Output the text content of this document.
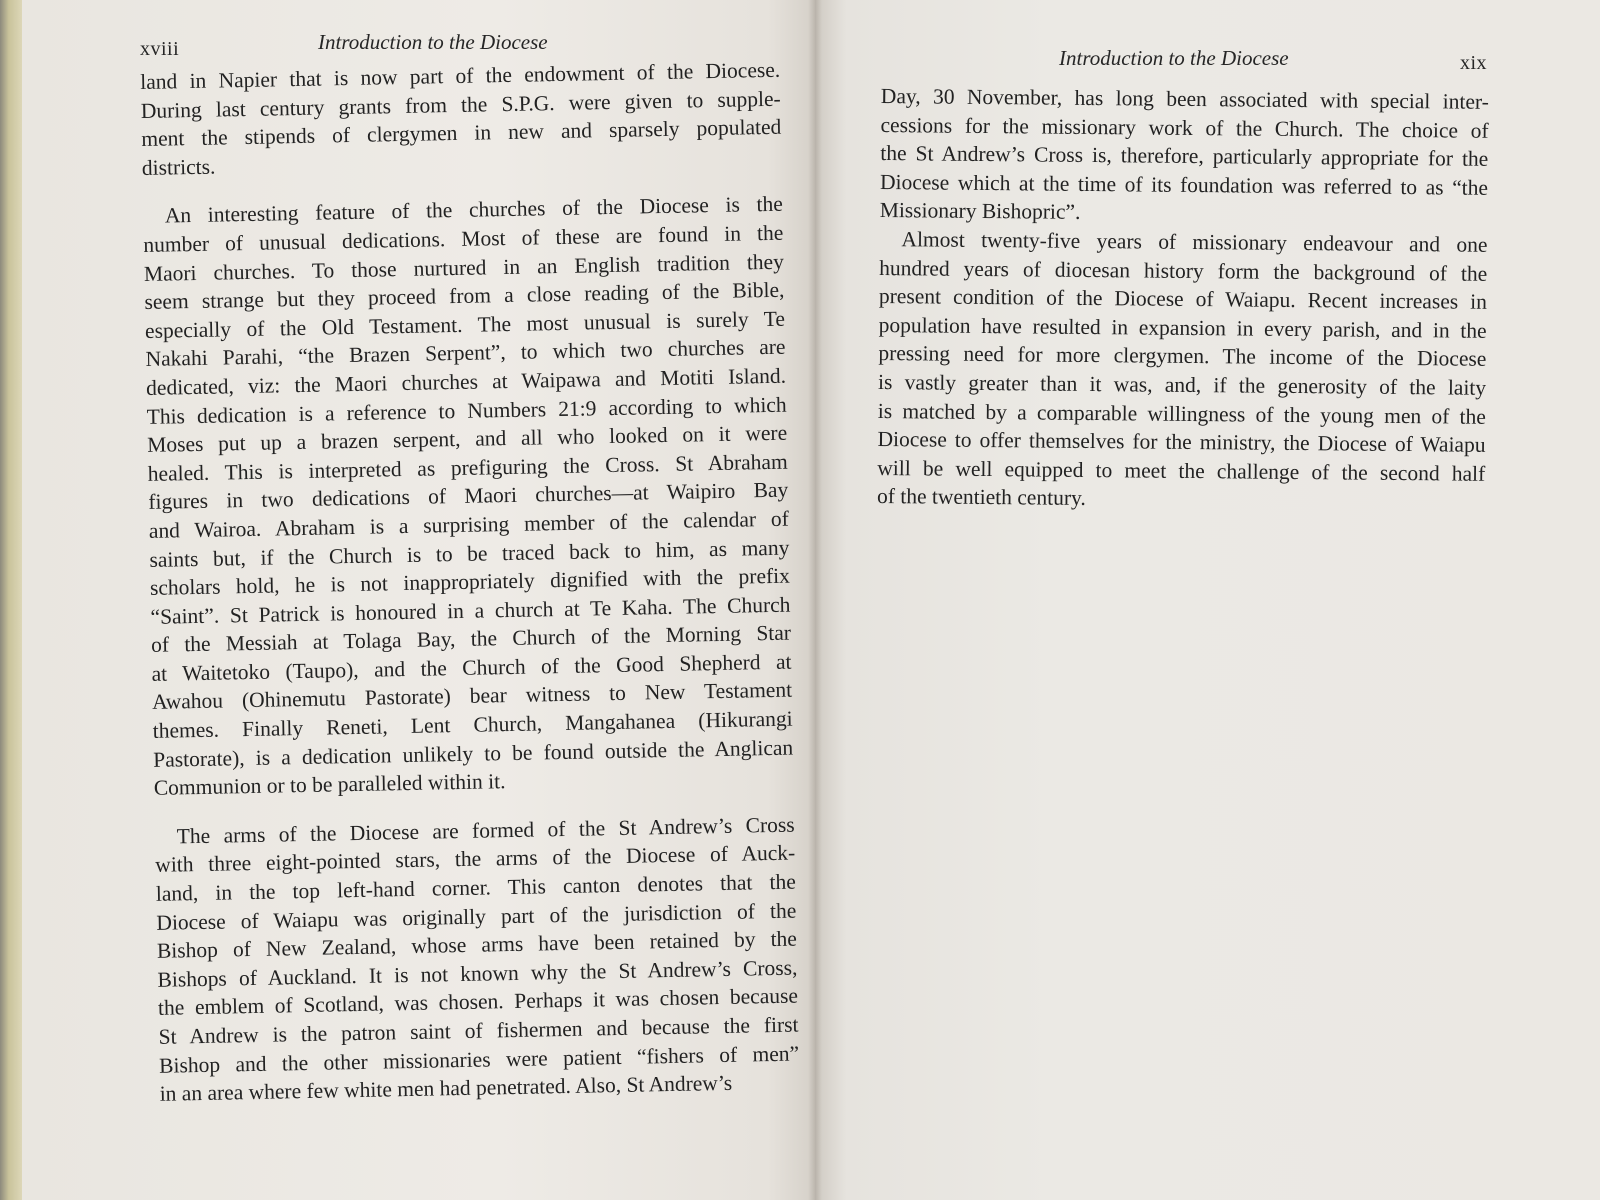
xviii	Introduction to the Diocese
land in Napier that is now part of the endowment of the Diocese.
During last century grants from the S.P.G. were given to supple-
ment the stipends of clergymen in new and sparsely populated
districts.
An interesting feature of the churches of the Diocese is the
number of unusual dedications. Most of these are found in the
Maori churches. To those nurtured in an English tradition they
seem strange but they proceed from a close reading of the Bible,
especially of the Old Testament. The most unusual is surely Te
Nakahi Parahi, “the Brazen Serpent”, to which two churches are
dedicated, viz: the Maori churches at Waipawa and Motiti Island.
This dedication is a reference to Numbers 21:9 according to which
Moses put up a brazen serpent, and all who looked on it were
healed. This is interpreted as prefiguring the Cross. St Abraham
figures in two dedications of Maori churches—at Waipiro Bay
and Wairoa. Abraham is a surprising member of the calendar of
saints but, if the Church is to be traced back to him, as many
scholars hold, he is not inappropriately dignified with the prefix
“Saint”. St Patrick is honoured in a church at Te Kaha. The Church
of the Messiah at Tolaga Bay, the Church of the Morning Star
at Waitetoko (Taupo), and the Church of the Good Shepherd at
Awahou (Ohinemutu Pastorate) bear witness to New Testament
themes. Finally Reneti, Lent Church, Mangahanea (Hikurangi
Pastorate), is a dedication unlikely to be found outside the Anglican
Communion or to be paralleled within it.
The arms of the Diocese are formed of the St Andrew’s Cross
with three eight-pointed stars, the arms of the Diocese of Auck-
land, in the top left-hand corner. This canton denotes that the
Diocese of Waiapu was originally part of the jurisdiction of the
Bishop of New Zealand, whose arms have been retained by the
Bishops of Auckland. It is not known why the St Andrew’s Cross,
the emblem of Scotland, was chosen. Perhaps it was chosen because
St Andrew is the patron saint of fishermen and because the first
Bishop and the other missionaries were patient “fishers of men”
in an area where few white men had penetrated. Also, St Andrew’s
Introduction to the Diocese	xix
Day, 30 November, has long been associated with special inter-
cessions for the missionary work of the Church. The choice of
the St Andrew’s Cross is, therefore, particularly appropriate for the
Diocese which at the time of its foundation was referred to as “the
Missionary Bishopric”.
Almost twenty-five years of missionary endeavour and one
hundred years of diocesan history form the background of the
present condition of the Diocese of Waiapu. Recent increases in
population have resulted in expansion in every parish, and in the
pressing need for more clergymen. The income of the Diocese
is vastly greater than it was, and, if the generosity of the laity
is matched by a comparable willingness of the young men of the
Diocese to offer themselves for the ministry, the Diocese of Waiapu
will be well equipped to meet the challenge of the second half
of the twentieth century.
